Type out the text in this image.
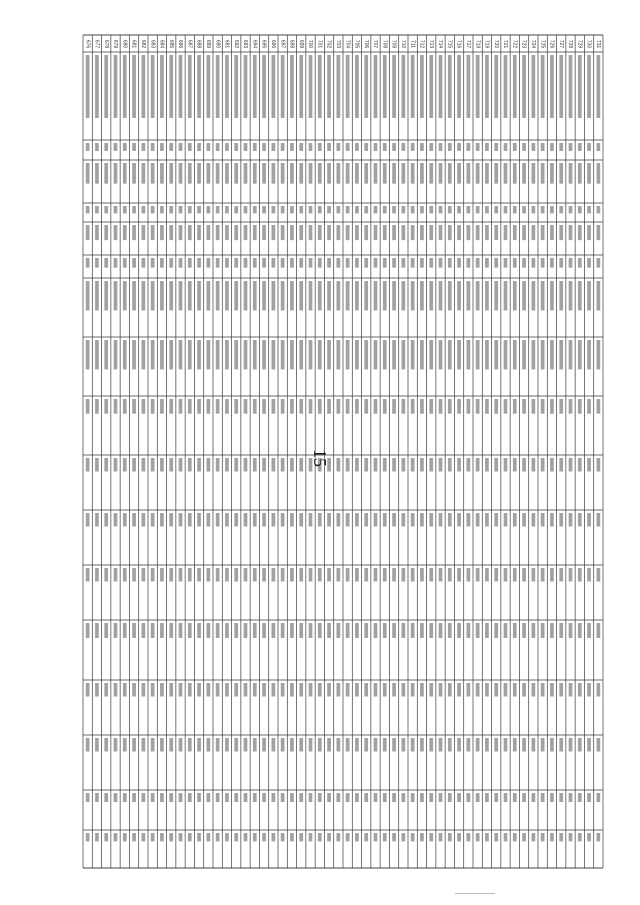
676 677 678 679 680 681 682 683 684 685 686 687 688 689 690 691 692 693 694 695 696 697 698 699 700 701 702 703 704 705 706 707 708 709 710 711 712 713 714 715 716 717 718 719 720 721 722 723 724 725 726 727 728 729 730 731
15
